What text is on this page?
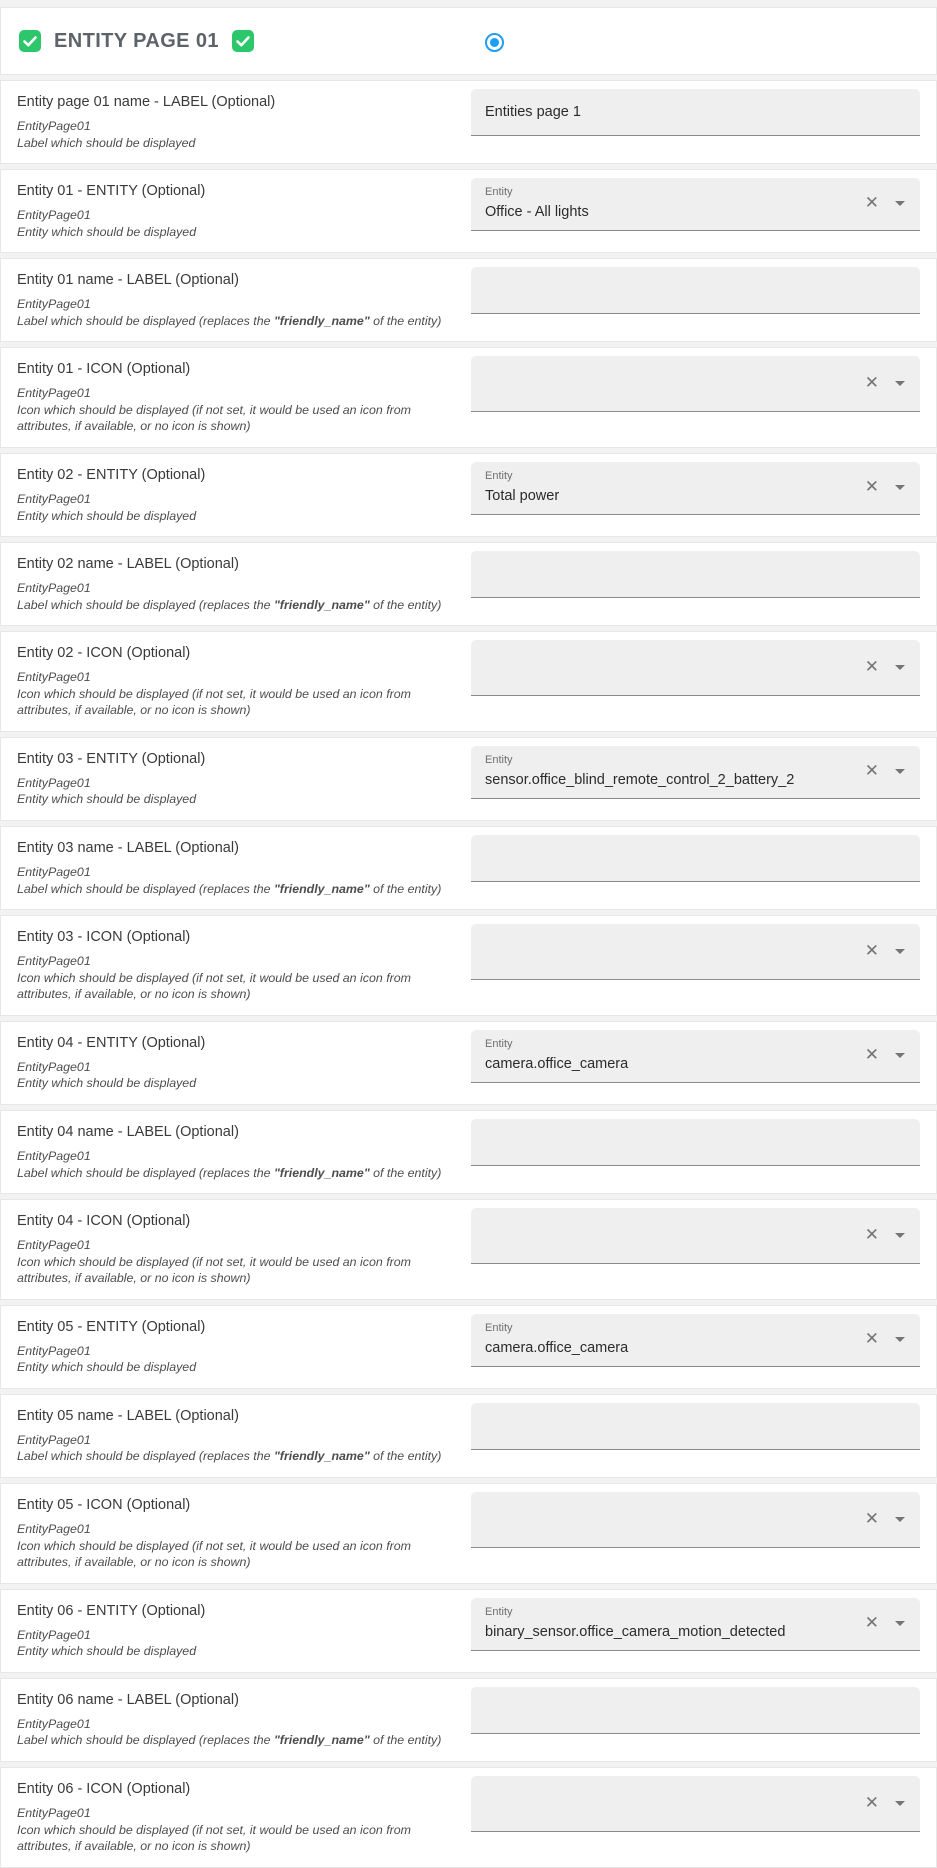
ENTITY PAGE 01
Entity page 01 name - LABEL (Optional)
EntityPage01
Label which should be displayed
Entities page 1
Entity 01 - ENTITY (Optional)
EntityPage01
Entity which should be displayed
Entity
Office - All lights	✕
Entity 01 name - LABEL (Optional)
EntityPage01
Label which should be displayed (replaces the "friendly_name" of the entity)
Entity 01 - ICON (Optional)
EntityPage01
Icon which should be displayed (if not set, it would be used an icon from attributes, if available, or no icon is shown)
✕
Entity 02 - ENTITY (Optional)
EntityPage01
Entity which should be displayed
Entity
Total power	✕
Entity 02 name - LABEL (Optional)
EntityPage01
Label which should be displayed (replaces the "friendly_name" of the entity)
Entity 02 - ICON (Optional)
EntityPage01
Icon which should be displayed (if not set, it would be used an icon from attributes, if available, or no icon is shown)
✕
Entity 03 - ENTITY (Optional)
EntityPage01
Entity which should be displayed
Entity
sensor.office_blind_remote_control_2_battery_2	✕
Entity 03 name - LABEL (Optional)
EntityPage01
Label which should be displayed (replaces the "friendly_name" of the entity)
Entity 03 - ICON (Optional)
EntityPage01
Icon which should be displayed (if not set, it would be used an icon from attributes, if available, or no icon is shown)
✕
Entity 04 - ENTITY (Optional)
EntityPage01
Entity which should be displayed
Entity
camera.office_camera	✕
Entity 04 name - LABEL (Optional)
EntityPage01
Label which should be displayed (replaces the "friendly_name" of the entity)
Entity 04 - ICON (Optional)
EntityPage01
Icon which should be displayed (if not set, it would be used an icon from attributes, if available, or no icon is shown)
✕
Entity 05 - ENTITY (Optional)
EntityPage01
Entity which should be displayed
Entity
camera.office_camera	✕
Entity 05 name - LABEL (Optional)
EntityPage01
Label which should be displayed (replaces the "friendly_name" of the entity)
Entity 05 - ICON (Optional)
EntityPage01
Icon which should be displayed (if not set, it would be used an icon from attributes, if available, or no icon is shown)
✕
Entity 06 - ENTITY (Optional)
EntityPage01
Entity which should be displayed
Entity
binary_sensor.office_camera_motion_detected	✕
Entity 06 name - LABEL (Optional)
EntityPage01
Label which should be displayed (replaces the "friendly_name" of the entity)
Entity 06 - ICON (Optional)
EntityPage01
Icon which should be displayed (if not set, it would be used an icon from attributes, if available, or no icon is shown)
✕
